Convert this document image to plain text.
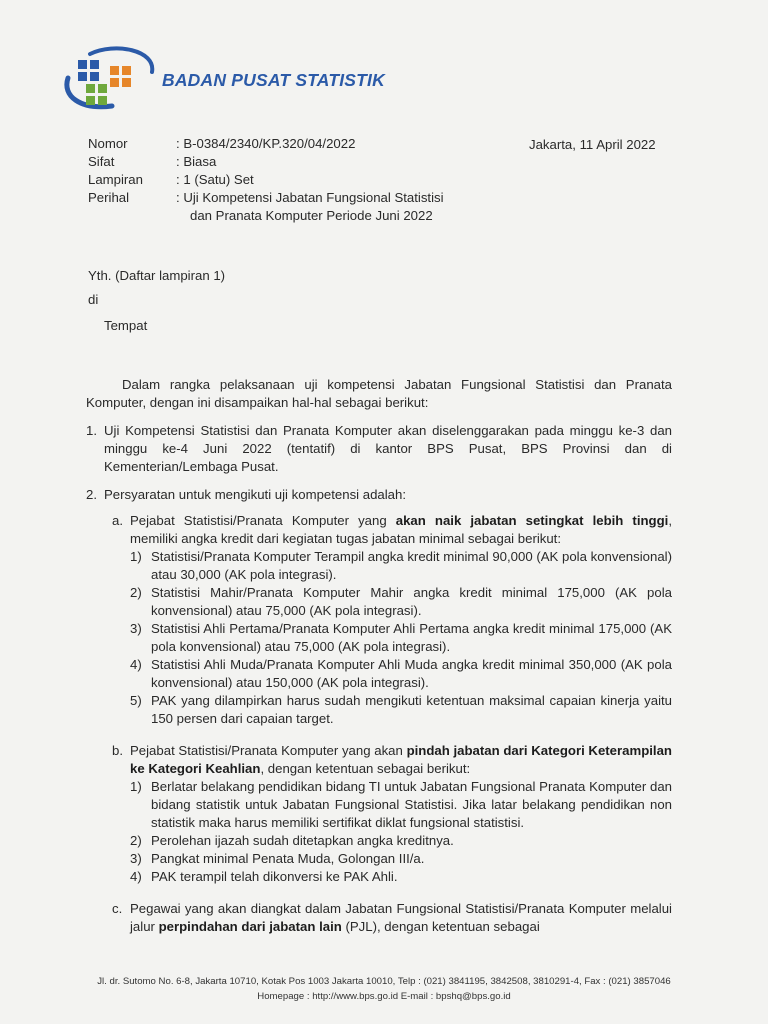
BADAN PUSAT STATISTIK
Nomor	: B-0384/2340/KP.320/04/2022
Sifat	: Biasa
Lampiran	: 1 (Satu) Set
Perihal	: Uji Kompetensi Jabatan Fungsional Statistisi
dan Pranata Komputer Periode Juni 2022
Jakarta, 11 April 2022
Yth. (Daftar lampiran 1)
di
Tempat

Dalam rangka pelaksanaan uji kompetensi Jabatan Fungsional Statistisi dan Pranata Komputer, dengan ini disampaikan hal-hal sebagai berikut:

1. Uji Kompetensi Statistisi dan Pranata Komputer akan diselenggarakan pada minggu ke-3 dan minggu ke-4 Juni 2022 (tentatif) di kantor BPS Pusat, BPS Provinsi dan di Kementerian/Lembaga Pusat.
2. Persyaratan untuk mengikuti uji kompetensi adalah:
a. Pejabat Statistisi/Pranata Komputer yang akan naik jabatan setingkat lebih tinggi, memiliki angka kredit dari kegiatan tugas jabatan minimal sebagai berikut:

1) Statistisi/Pranata Komputer Terampil angka kredit minimal 90,000 (AK pola konvensional) atau 30,000 (AK pola integrasi).
2) Statistisi Mahir/Pranata Komputer Mahir angka kredit minimal 175,000 (AK pola konvensional) atau 75,000 (AK pola integrasi).
3) Statistisi Ahli Pertama/Pranata Komputer Ahli Pertama angka kredit minimal 175,000 (AK pola konvensional) atau 75,000 (AK pola integrasi).
4) Statistisi Ahli Muda/Pranata Komputer Ahli Muda angka kredit minimal 350,000 (AK pola konvensional) atau 150,000 (AK pola integrasi).
5) PAK yang dilampirkan harus sudah mengikuti ketentuan maksimal capaian kinerja yaitu 150 persen dari capaian target.
b. Pejabat Statistisi/Pranata Komputer yang akan pindah jabatan dari Kategori Keterampilan ke Kategori Keahlian, dengan ketentuan sebagai berikut:

1) Berlatar belakang pendidikan bidang TI untuk Jabatan Fungsional Pranata Komputer dan bidang statistik untuk Jabatan Fungsional Statistisi. Jika latar belakang pendidikan non statistik maka harus memiliki sertifikat diklat fungsional statistisi.
2) Perolehan ijazah sudah ditetapkan angka kreditnya.
3) Pangkat minimal Penata Muda, Golongan III/a.
4) PAK terampil telah dikonversi ke PAK Ahli.
c. Pegawai yang akan diangkat dalam Jabatan Fungsional Statistisi/Pranata Komputer melalui jalur perpindahan dari jabatan lain (PJL), dengan ketentuan sebagai

Jl. dr. Sutomo No. 6-8, Jakarta 10710, Kotak Pos 1003 Jakarta 10010, Telp : (021) 3841195, 3842508, 3810291-4, Fax : (021) 3857046
Homepage : http://www.bps.go.id E-mail : bpshq@bps.go.id
